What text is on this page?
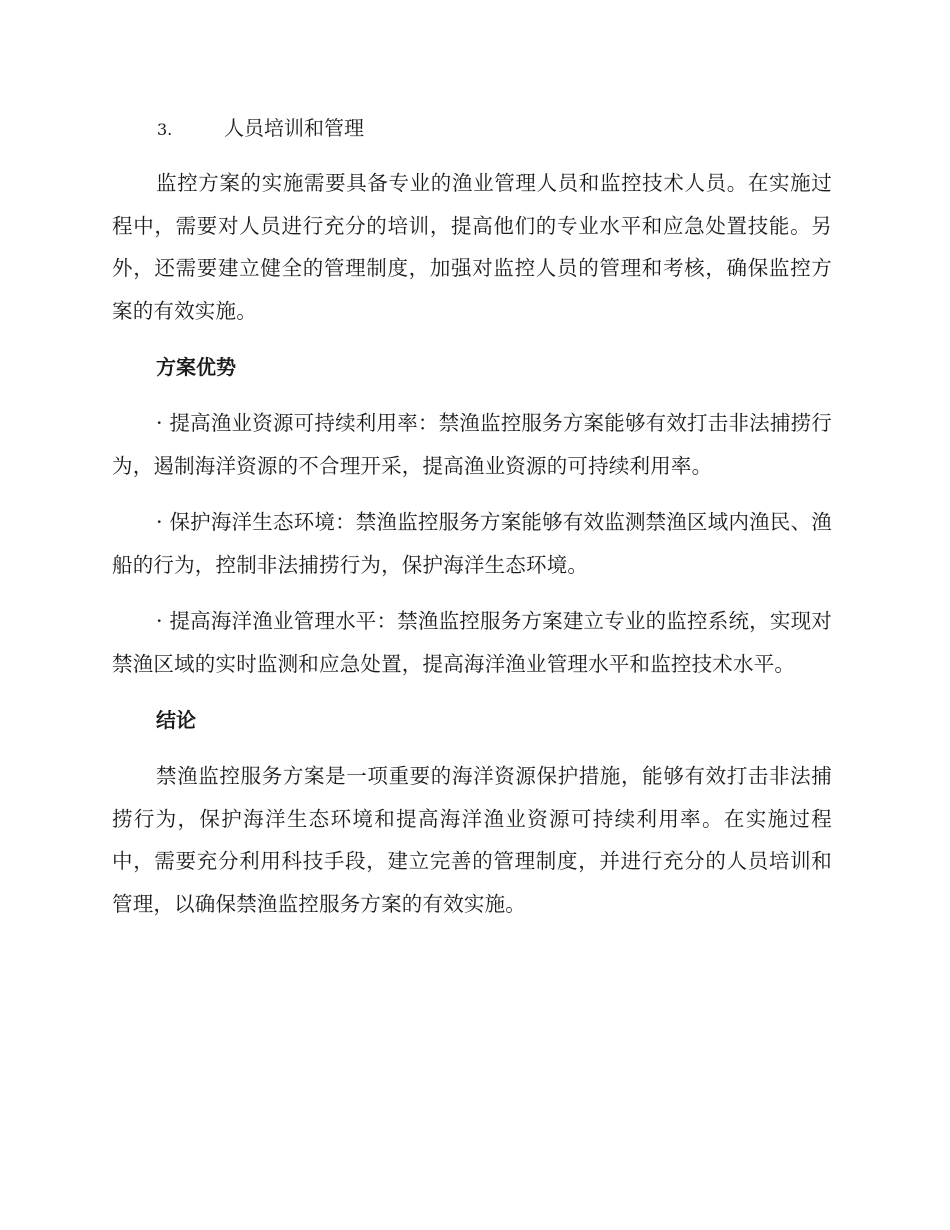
3.	人员培训和管理

监控方案的实施需要具备专业的渔业管理人员和监控技术人员。在实施过程中，需要对人员进行充分的培训，提高他们的专业水平和应急处置技能。另外，还需要建立健全的管理制度，加强对监控人员的管理和考核，确保监控方案的有效实施。

方案优势

· 提高渔业资源可持续利用率：禁渔监控服务方案能够有效打击非法捕捞行为，遏制海洋资源的不合理开采，提高渔业资源的可持续利用率。

· 保护海洋生态环境：禁渔监控服务方案能够有效监测禁渔区域内渔民、渔船的行为，控制非法捕捞行为，保护海洋生态环境。

· 提高海洋渔业管理水平：禁渔监控服务方案建立专业的监控系统，实现对禁渔区域的实时监测和应急处置，提高海洋渔业管理水平和监控技术水平。

结论

禁渔监控服务方案是一项重要的海洋资源保护措施，能够有效打击非法捕捞行为，保护海洋生态环境和提高海洋渔业资源可持续利用率。在实施过程中，需要充分利用科技手段，建立完善的管理制度，并进行充分的人员培训和管理，以确保禁渔监控服务方案的有效实施。
